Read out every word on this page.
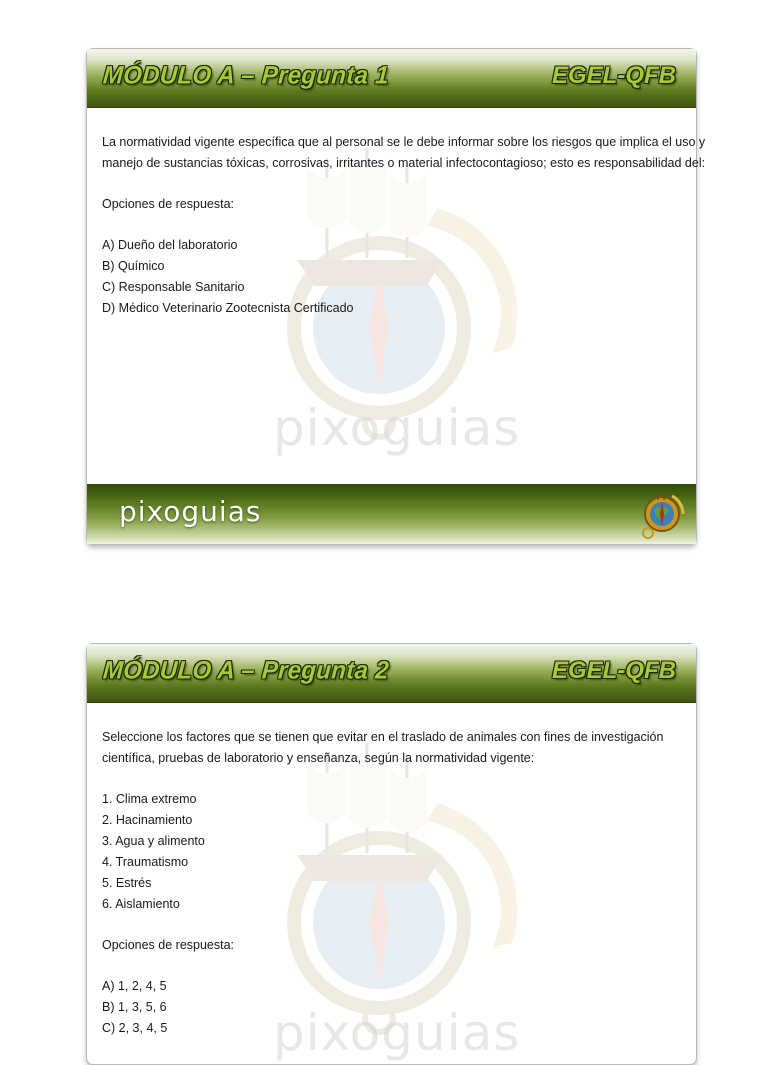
MÓDULO A – Pregunta 1	EGEL-QFB
pixoguias

La normatividad vigente específica que al personal se le debe informar sobre los riesgos que implica el uso y

manejo de sustancias tóxicas, corrosivas, irritantes o material infectocontagioso; esto es responsabilidad del:

Opciones de respuesta:

A) Dueño del laboratorio

B) Químico

C) Responsable Sanitario

D) Médico Veterinario Zootecnista Certificado

pixoguias
MÓDULO A – Pregunta 2	EGEL-QFB
pixoguias

Seleccione los factores que se tienen que evitar en el traslado de animales con fines de investigación

científica, pruebas de laboratorio y enseñanza, según la normatividad vigente:

1. Clima extremo

2. Hacinamiento

3. Agua y alimento

4. Traumatismo

5. Estrés

6. Aislamiento

Opciones de respuesta:

A) 1, 2, 4, 5

B) 1, 3, 5, 6

C) 2, 3, 4, 5
